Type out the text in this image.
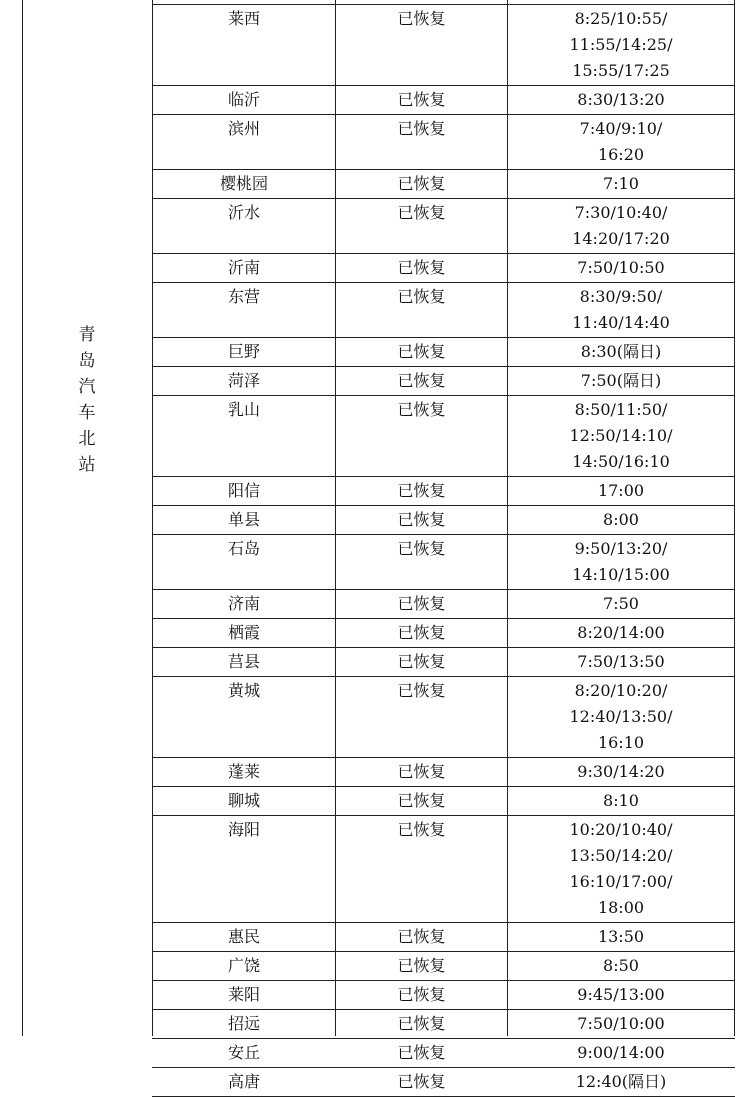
青
岛
汽
车
北
站
莱西	已恢复	8:25/10:55/
11:55/14:25/
15:55/17:25
临沂	已恢复	8:30/13:20
滨州	已恢复	7:40/9:10/
16:20
樱桃园	已恢复	7:10
沂水	已恢复	7:30/10:40/
14:20/17:20
沂南	已恢复	7:50/10:50
东营	已恢复	8:30/9:50/
11:40/14:40
巨野	已恢复	8:30(隔日)
菏泽	已恢复	7:50(隔日)
乳山	已恢复	8:50/11:50/
12:50/14:10/
14:50/16:10
阳信	已恢复	17:00
单县	已恢复	8:00
石岛	已恢复	9:50/13:20/
14:10/15:00
济南	已恢复	7:50
栖霞	已恢复	8:20/14:00
莒县	已恢复	7:50/13:50
黄城	已恢复	8:20/10:20/
12:40/13:50/
16:10
蓬莱	已恢复	9:30/14:20
聊城	已恢复	8:10
海阳	已恢复	10:20/10:40/
13:50/14:20/
16:10/17:00/
18:00
惠民	已恢复	13:50
广饶	已恢复	8:50
莱阳	已恢复	9:45/13:00
招远	已恢复	7:50/10:00
安丘	已恢复	9:00/14:00
高唐	已恢复	12:40(隔日)
